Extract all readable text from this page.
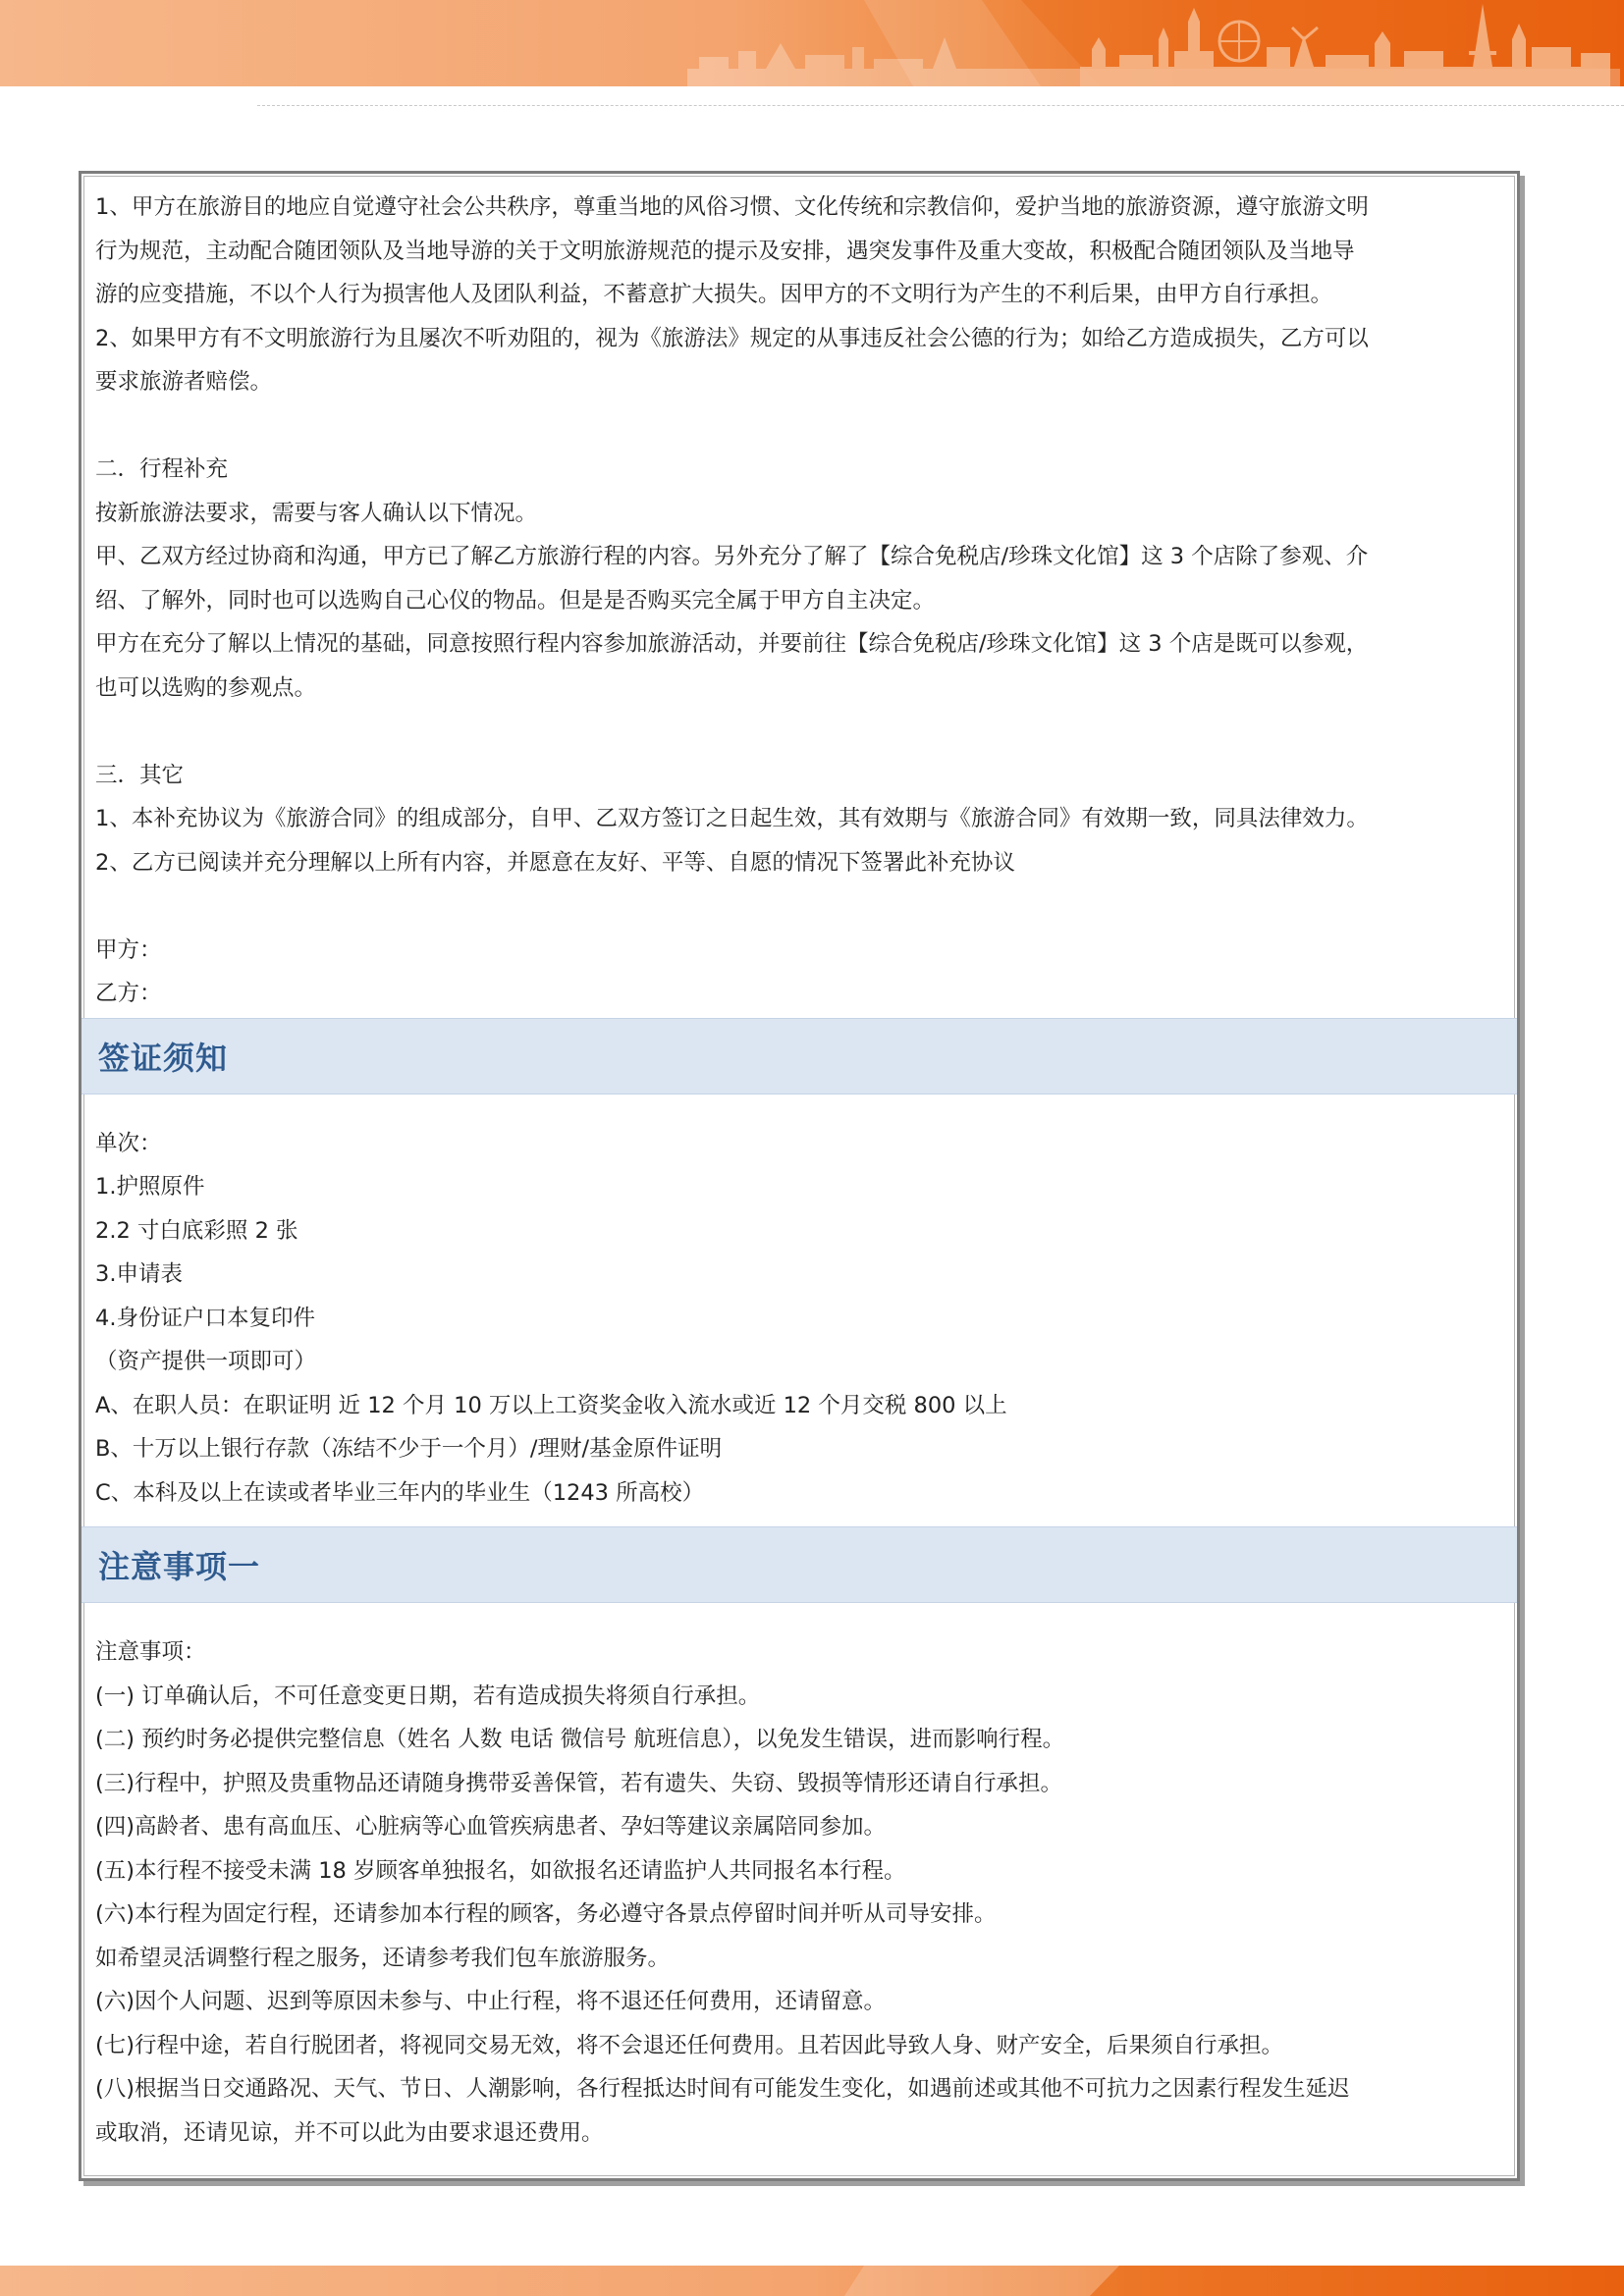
1、甲方在旅游目的地应自觉遵守社会公共秩序，尊重当地的风俗习惯、文化传统和宗教信仰，爱护当地的旅游资源，遵守旅游文明

行为规范，主动配合随团领队及当地导游的关于文明旅游规范的提示及安排，遇突发事件及重大变故，积极配合随团领队及当地导

游的应变措施，不以个人行为损害他人及团队利益，不蓄意扩大损失。因甲方的不文明行为产生的不利后果，由甲方自行承担。

2、如果甲方有不文明旅游行为且屡次不听劝阻的，视为《旅游法》规定的从事违反社会公德的行为；如给乙方造成损失，乙方可以

要求旅游者赔偿。

二．行程补充

按新旅游法要求，需要与客人确认以下情况。

甲、乙双方经过协商和沟通，甲方已了解乙方旅游行程的内容。另外充分了解了【综合免税店/珍珠文化馆】这 3 个店除了参观、介

绍、了解外，同时也可以选购自己心仪的物品。但是是否购买完全属于甲方自主决定。

甲方在充分了解以上情况的基础，同意按照行程内容参加旅游活动，并要前往【综合免税店/珍珠文化馆】这 3 个店是既可以参观，

也可以选购的参观点。

三．其它

1、本补充协议为《旅游合同》的组成部分，自甲、乙双方签订之日起生效，其有效期与《旅游合同》有效期一致，同具法律效力。

2、乙方已阅读并充分理解以上所有内容，并愿意在友好、平等、自愿的情况下签署此补充协议

甲方：

乙方：

签证须知

单次：

1.护照原件

2.2 寸白底彩照 2 张

3.申请表

4.身份证户口本复印件

（资产提供一项即可）

A、在职人员：在职证明 近 12 个月 10 万以上工资奖金收入流水或近 12 个月交税 800 以上

B、十万以上银行存款（冻结不少于一个月）/理财/基金原件证明

C、本科及以上在读或者毕业三年内的毕业生（1243 所高校）

注意事项一

注意事项：

(一) 订单确认后，不可任意变更日期，若有造成损失将须自行承担。

(二) 预约时务必提供完整信息（姓名 人数 电话 微信号 航班信息），以免发生错误，进而影响行程。

(三)行程中，护照及贵重物品还请随身携带妥善保管，若有遗失、失窃、毁损等情形还请自行承担。

(四)高龄者、患有高血压、心脏病等心血管疾病患者、孕妇等建议亲属陪同参加。

(五)本行程不接受未满 18 岁顾客单独报名，如欲报名还请监护人共同报名本行程。

(六)本行程为固定行程，还请参加本行程的顾客，务必遵守各景点停留时间并听从司导安排。

如希望灵活调整行程之服务，还请参考我们包车旅游服务。

(六)因个人问题、迟到等原因未参与、中止行程，将不退还任何费用，还请留意。

(七)行程中途，若自行脱团者，将视同交易无效，将不会退还任何费用。且若因此导致人身、财产安全，后果须自行承担。

(八)根据当日交通路况、天气、节日、人潮影响，各行程抵达时间有可能发生变化，如遇前述或其他不可抗力之因素行程发生延迟

或取消，还请见谅，并不可以此为由要求退还费用。
